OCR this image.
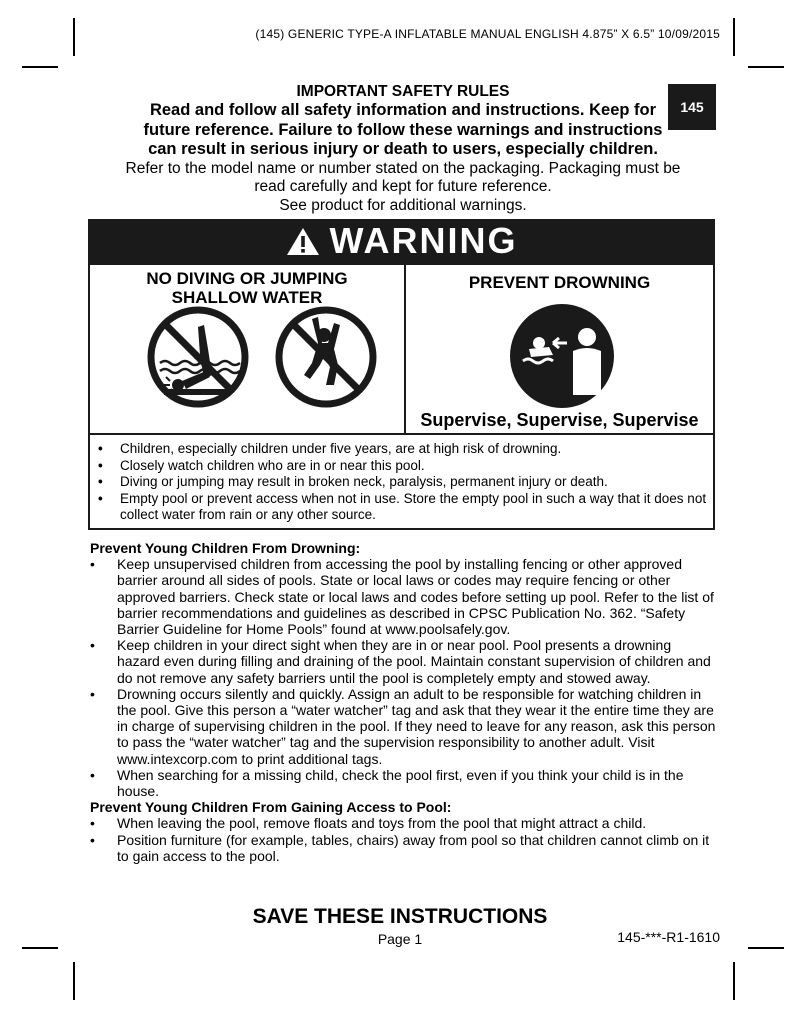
(145) GENERIC TYPE-A INFLATABLE MANUAL ENGLISH 4.875” X 6.5” 10/09/2015
145
IMPORTANT SAFETY RULES
Read and follow all safety information and instructions. Keep for
future reference. Failure to follow these warnings and instructions
can result in serious injury or death to users, especially children.
Refer to the model name or number stated on the packaging. Packaging must be
read carefully and kept for future reference.
See product for additional warnings.
WARNING
NO DIVING OR JUMPING
SHALLOW WATER
PREVENT DROWNING
Supervise, Supervise, Supervise
•	Children, especially children under five years, are at high risk of drowning.
•	Closely watch children who are in or near this pool.
•	Diving or jumping may result in broken neck, paralysis, permanent injury or death.
•	Empty pool or prevent access when not in use. Store the empty pool in such a way that it does not collect water from rain or any other source.
Prevent Young Children From Drowning:
•	Keep unsupervised children from accessing the pool by installing fencing or other approved barrier around all sides of pools. State or local laws or codes may require fencing or other approved barriers. Check state or local laws and codes before setting up pool. Refer to the list of barrier recommendations and guidelines as described in CPSC Publication No. 362. “Safety Barrier Guideline for Home Pools” found at www.poolsafely.gov.
•	Keep children in your direct sight when they are in or near pool. Pool presents a drowning hazard even during filling and draining of the pool. Maintain constant supervision of children and do not remove any safety barriers until the pool is completely empty and stowed away.
•	Drowning occurs silently and quickly. Assign an adult to be responsible for watching children in the pool. Give this person a “water watcher” tag and ask that they wear it the entire time they are in charge of supervising children in the pool. If they need to leave for any reason, ask this person to pass the “water watcher” tag and the supervision responsibility to another adult. Visit www.intexcorp.com to print additional tags.
•	When searching for a missing child, check the pool first, even if you think your child is in the house.
Prevent Young Children From Gaining Access to Pool:
•	When leaving the pool, remove floats and toys from the pool that might attract a child.
•	Position furniture (for example, tables, chairs) away from pool so that children cannot climb on it to gain access to the pool.
SAVE THESE INSTRUCTIONS
Page 1	145-***-R1-1610
